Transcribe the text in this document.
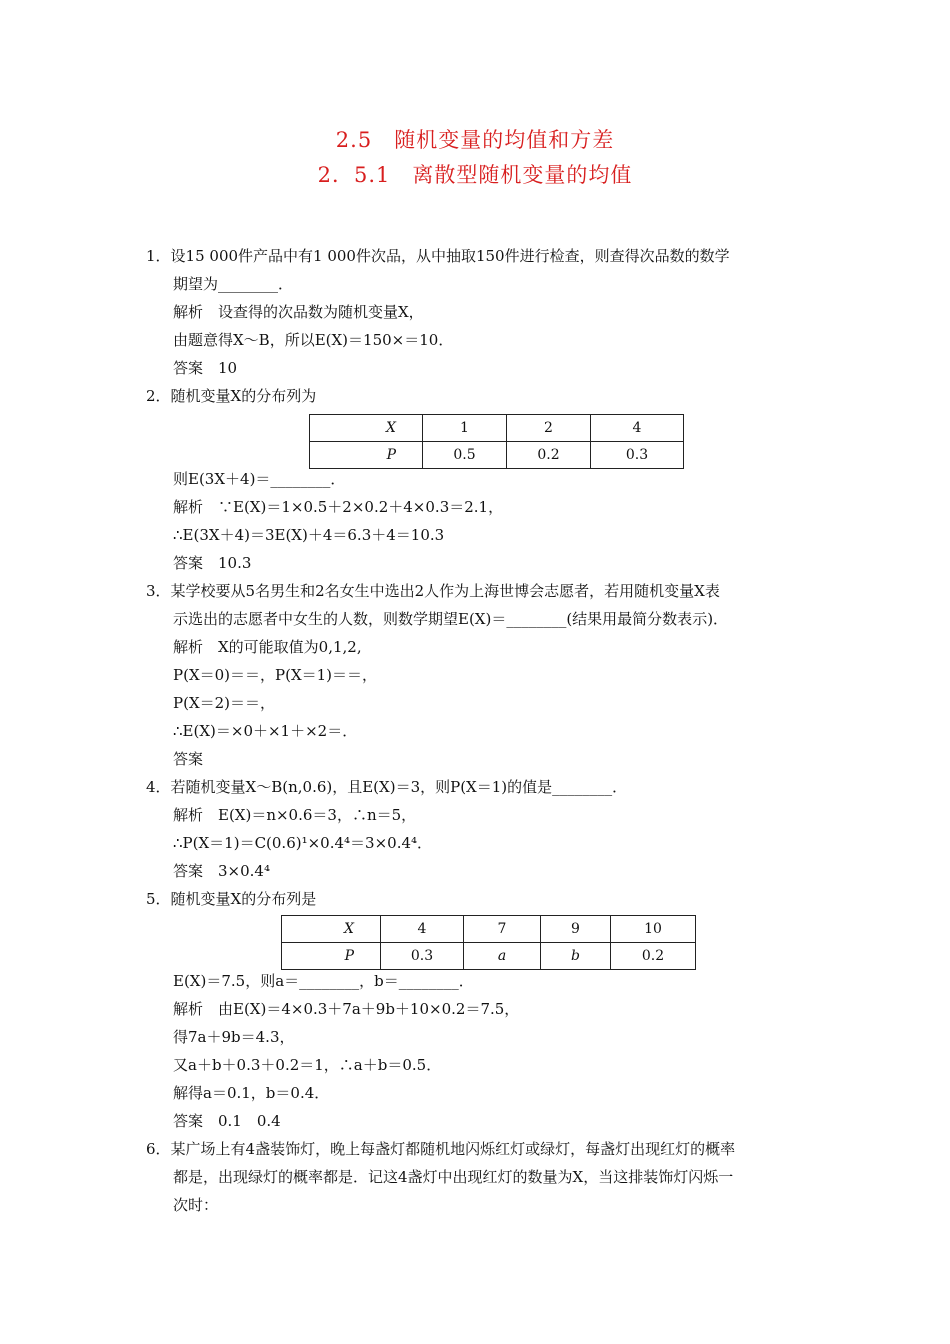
2.5　随机变量的均值和方差
2．5.1　离散型随机变量的均值
1．设15 000件产品中有1 000件次品，从中抽取150件进行检查，则查得次品数的数学
期望为________．
解析　设查得的次品数为随机变量X，
由题意得X～B，所以E(X)＝150×＝10．
答案　10
2．随机变量X的分布列为
X	1	2	4
P	0.5	0.2	0.3
则E(3X＋4)＝________．
解析　∵E(X)＝1×0.5＋2×0.2＋4×0.3＝2.1，
∴E(3X＋4)＝3E(X)＋4＝6.3＋4＝10.3
答案　10.3
3．某学校要从5名男生和2名女生中选出2人作为上海世博会志愿者，若用随机变量X表
示选出的志愿者中女生的人数，则数学期望E(X)＝________(结果用最简分数表示)．
解析　X的可能取值为0,1,2,
P(X＝0)＝＝，P(X＝1)＝＝，
P(X＝2)＝＝，
∴E(X)＝×0＋×1＋×2＝．
答案
4．若随机变量X～B(n,0.6)，且E(X)＝3，则P(X＝1)的值是________．
解析　E(X)＝n×0.6＝3，∴n＝5，
∴P(X＝1)＝C(0.6)¹×0.4⁴＝3×0.4⁴．
答案　3×0.4⁴
5．随机变量X的分布列是
X	4	7	9	10
P	0.3	a	b	0.2
E(X)＝7.5，则a＝________，b＝________．
解析　由E(X)＝4×0.3＋7a＋9b＋10×0.2＝7.5，
得7a＋9b＝4.3，
又a＋b＋0.3＋0.2＝1，∴a＋b＝0.5．
解得a＝0.1，b＝0.4．
答案　0.1　0.4
6．某广场上有4盏装饰灯，晚上每盏灯都随机地闪烁红灯或绿灯，每盏灯出现红灯的概率
都是，出现绿灯的概率都是．记这4盏灯中出现红灯的数量为X，当这排装饰灯闪烁一
次时：
